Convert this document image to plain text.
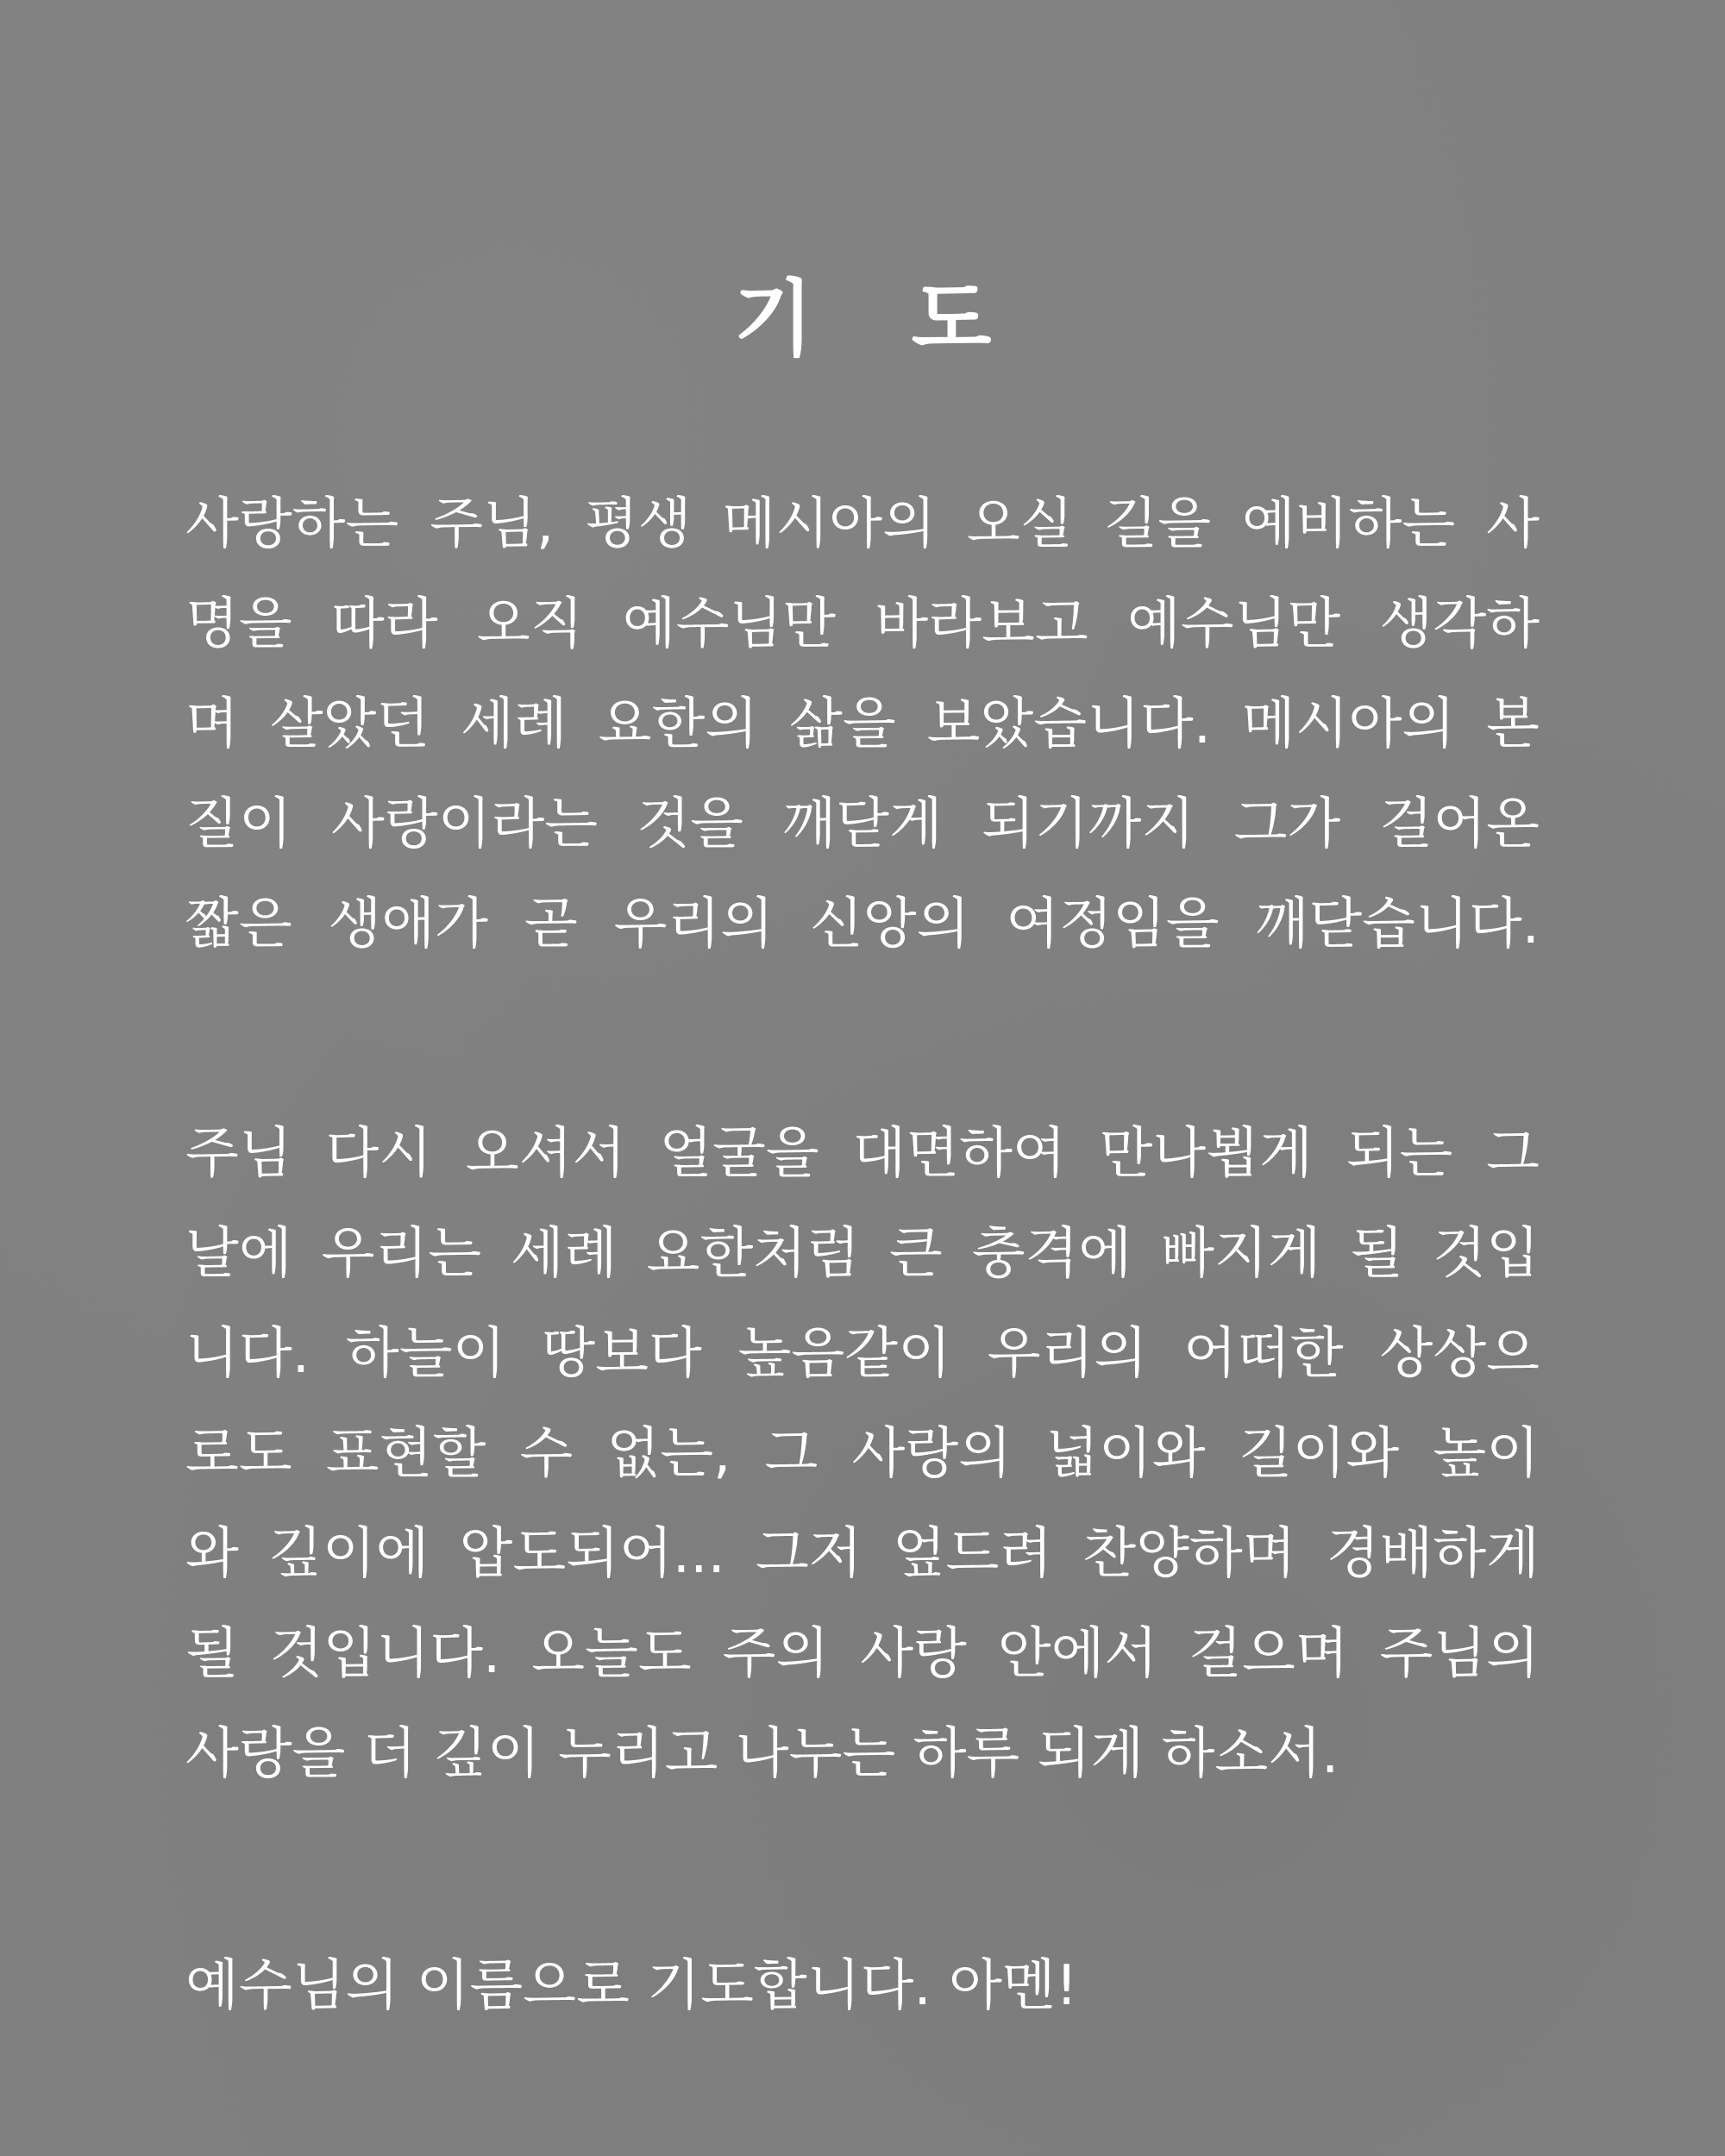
기 도

사랑하는 주님, 평생 메시아의 오실 길을 예비하는 사
명을 따라 오직 예수님만 바라보고 예수님만 생각하
며 살았던 세례 요한의 삶을 보았습니다. 메시아의 본
질이 사랑이라는 것을 깨닫게 되기까지 그가 걸어온
짧은 생애가 곧 우리의 신앙의 여정임을 깨닫습니다.

주님 다시 오셔서 얼굴을 대면하여 만나뵙게 되는 그
날에 우리는 세례 요한처럼 큰 충격에 빠지게 될 것입
니다. 하늘이 땅보다 높음같이 우리의 어떠한 상상으
로도 표현할 수 없는, 그 사랑의 넓이와 길이와 높이
와 깊이에 압도되어... 그저 엎드려 찬양하며 경배하게
될 것입니다. 오늘도 주의 사랑 안에서 걸으며 주님의
사랑을 더 깊이 누리고 나누는 하루 되게 하소서.

예수님의 이름으로 기도합니다. 아멘!
